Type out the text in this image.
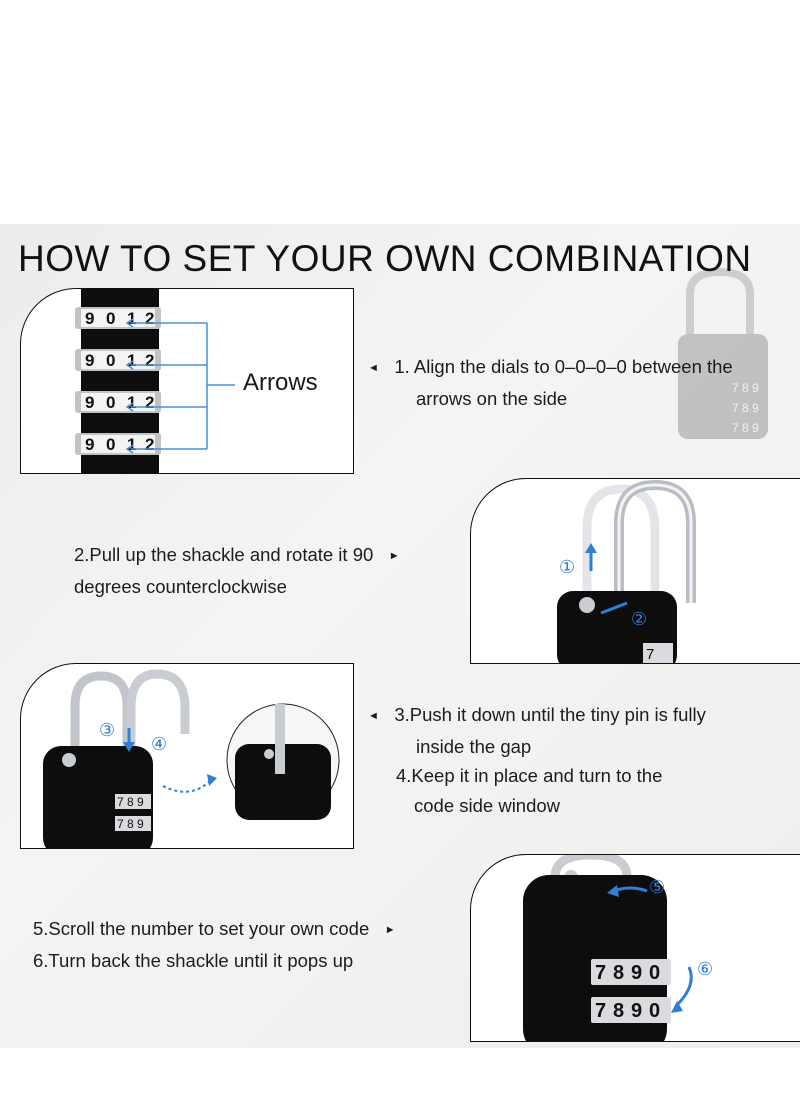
7 8 9
7 8 9
7 8 9
HOW TO SET YOUR OWN COMBINATION
9 0 1 2
9 0 1 2
9 0 1 2
9 0 1 2
Arrows

◄ 1. Align the dials to 0–0–0–0 between the

arrows on the side

7
①
②

2.Pull up the shackle and rotate it 90 ►

degrees counterclockwise

7 8 9
7 8 9
③
④

◄ 3.Push it down until the tiny pin is fully

inside the gap

4.Keep it in place and turn to the

code side window

7 8 9 0
7 8 9 0
⑤
⑥

5.Scroll the number to set your own code ►

6.Turn back the shackle until it pops up
